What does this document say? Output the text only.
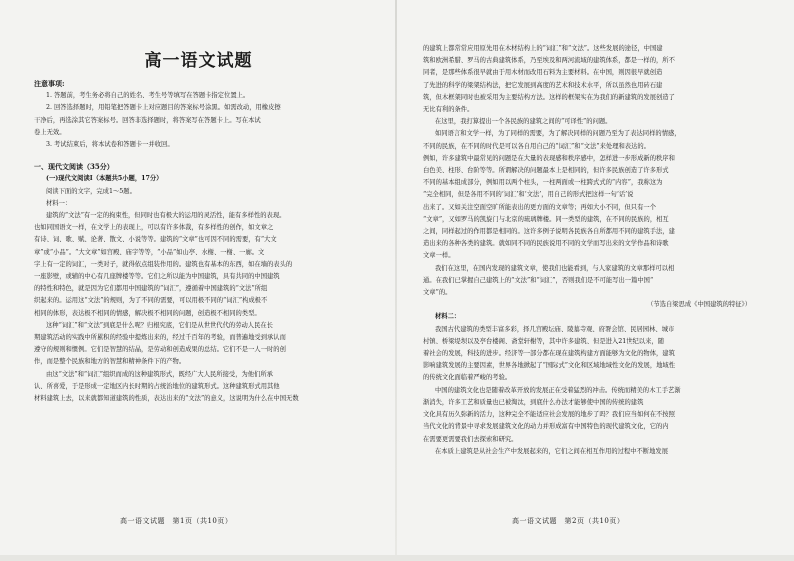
高一语文试题

注意事项:

1. 答题前，考生务必将自己的姓名、考生号等填写在答题卡指定位置上。

2. 回答选择题时，用铅笔把答题卡上对应题目的答案标号涂黑。如需改动，用橡皮擦

干净后，再选涂其它答案标号。回答非选择题时，将答案写在答题卡上。写在本试

卷上无效。

3. 考试结束后，将本试卷和答题卡一并收回。

一、现代文阅读（35分）

(一)现代文阅读Ⅰ（本题共5小题，17分）

阅读下面的文字，完成1～5题。

材料一：

建筑的“文法”有一定的拘束性，但同时也有极大的运用的灵活性，能有多样性的表现。

也如同国语文一样，在文学上的表现上，可以有许多体裁，有多样性的创作，如文章之

有诗、词、歌、赋、论著、散文、小说等等。建筑的“文章”也可因不同的需要，有“大文

章”或“小品”。“大文章”如宫殿、庙宇等等，“小品”如山亭、水榭、一榭、一廊。文

字上有一定的词汇，一类对子，就得依点组装作用的。建筑也有基本的东西，如在墙的表头的

一座影壁，或辅的中心有几座牌楼等等。它们之所以能为中国建筑，具有共同的中国建筑

的特性和特色，就是因为它们都用中国建筑的“词汇”，遵循着中国建筑的“文法”所组

织起来的。运用这“文法”的规则，为了不同的需要，可以用极不同的“词汇”构成极不

相同的体形，表达极不相同的情感，解决极不相同的问题，创造极不相同的类型。

这种“词汇”和“文法”到底是什么呢？归根究底，它们是从世世代代的劳动人民在长

期建筑活动的实践中所累积的经验中提炼出来的，经过千百年的考验，而普遍地受到承认而

遵守的规则和惯例。它们是智慧的结晶，是劳动和创造成果的总结。它们不是一人一时的创

作，而是整个民族和地方的智慧和精神条件下的产物。

由这“文法”和“词汇”组织而成的这种建筑形式，既经广大人民所接受，为他们所承

认、所喜爱，于是形成一定地区内长时期的占统治地位的建筑形式。这种建筑形式用其他

材料建筑上去，以来就都知道建筑的性质，表达出来的“文法”的意义，这说明为什么在中国无数

高一语文试题　第1页（共10页）

的建筑上都常常应用原先用在木材结构上的“词汇”和“文法”。这些发展的途径，中国建

筑和欧洲希腊、罗马的古典建筑体系，乃至埃及和两河流域的建筑体系，都是一样的，所不

同者，是那些体系很早就由于用木材而改用石料为主要材料。在中国，则因很早就创造

了先进的科学的梁架结构法，把它发展到高度的艺术和技术水平，所以虽然也用砖石建

筑，但木框架同时也被采用为主要结构方法。这样的框架实在为我们的新建筑的发展创造了

无比有利的条件。

在这里，我打算提出一个各民族的建筑之间的“可译性”的问题。

如同语言和文学一样，为了同样的需要，为了解决同样的问题乃至为了表达同样的情感，

不同的民族，在不同的时代是可以各自用自己的“词汇”和“文法”来处理和表达的。

例如，许多建筑中最常见的问题是在大量的表现感和秩序感中，怎样进一步形成新的秩序和

白色美、柱形、台阶等等。所谓解决的问题最本上是相同的，但许多民族创造了许多形式

不同的基本组成部分，例如用以两个柱头，一柱两面或一柱跨式式的“内容”，我称这为

“完全相同，但是各用不同的‘词汇’和‘文法’，用自己的形式把这样一句‘话’说

出来了。又如关注空面空旷所能表出的更方面的文章等；再如大小不同，但只有一个

“文章”，又如罗马的凯旋门与北京的琉璃牌楼。同一类型的建筑，在不同的民族的，相互

之间，同样起过的作用都是相同的。这许多例子说明各民族各自所都用不同的建筑手法，建

造出来的各种各类的建筑。就如同不同的民族说用不同的文学而写出来的文学作品和诗歌

文章一样。

我们在这里，在国内发现的建筑文章，使我们也能看到，与人家建筑的文章那样可以相

通。在我们已掌握自己建筑上的“文法”和“词汇”，否则我们是不可能写出一篇中国“

文章”的。

（节选自梁思成《中国建筑的特征》）

材料二：

我国古代建筑的类型丰富多彩，择几宫殿坛庙、陵墓寺观、府署会馆、民居园林、城市

村镇、桥梁堤坝以及亭台楼阁、斋堂轩榭等，其中许多建筑、但是进入21世纪以来，随

着社会的发展，科技的进步。经济等一部分都在现在建筑构建方面能够为文化的物体，建筑

影响建筑发展的主要因素，世界各地掀起了“国际式”文化和区域地域性文化的发展，地域性

的传统文化面临着严峻的考验。

中国的建筑文化也是随着改革开放的发展正在受着猛烈的冲击。传统而精美的木工手艺渐

渐消失，许多工艺和质量也已被淘汰，到底什么办法才能够使中国的传统的建筑

文化具有历久弥新的活力，这种完全不能适应社会发展的地步了吗？我们应当如何在不按照

当代文化的背景中寻求发展建筑文化的动力并形成富有中国特色的现代建筑文化，它的内

在需要更需要我们去探索和研究。

在本质上建筑是从社会生产中发展起来的，它们之间在相互作用的过程中不断地发展

高一语文试题　第2页（共10页）
